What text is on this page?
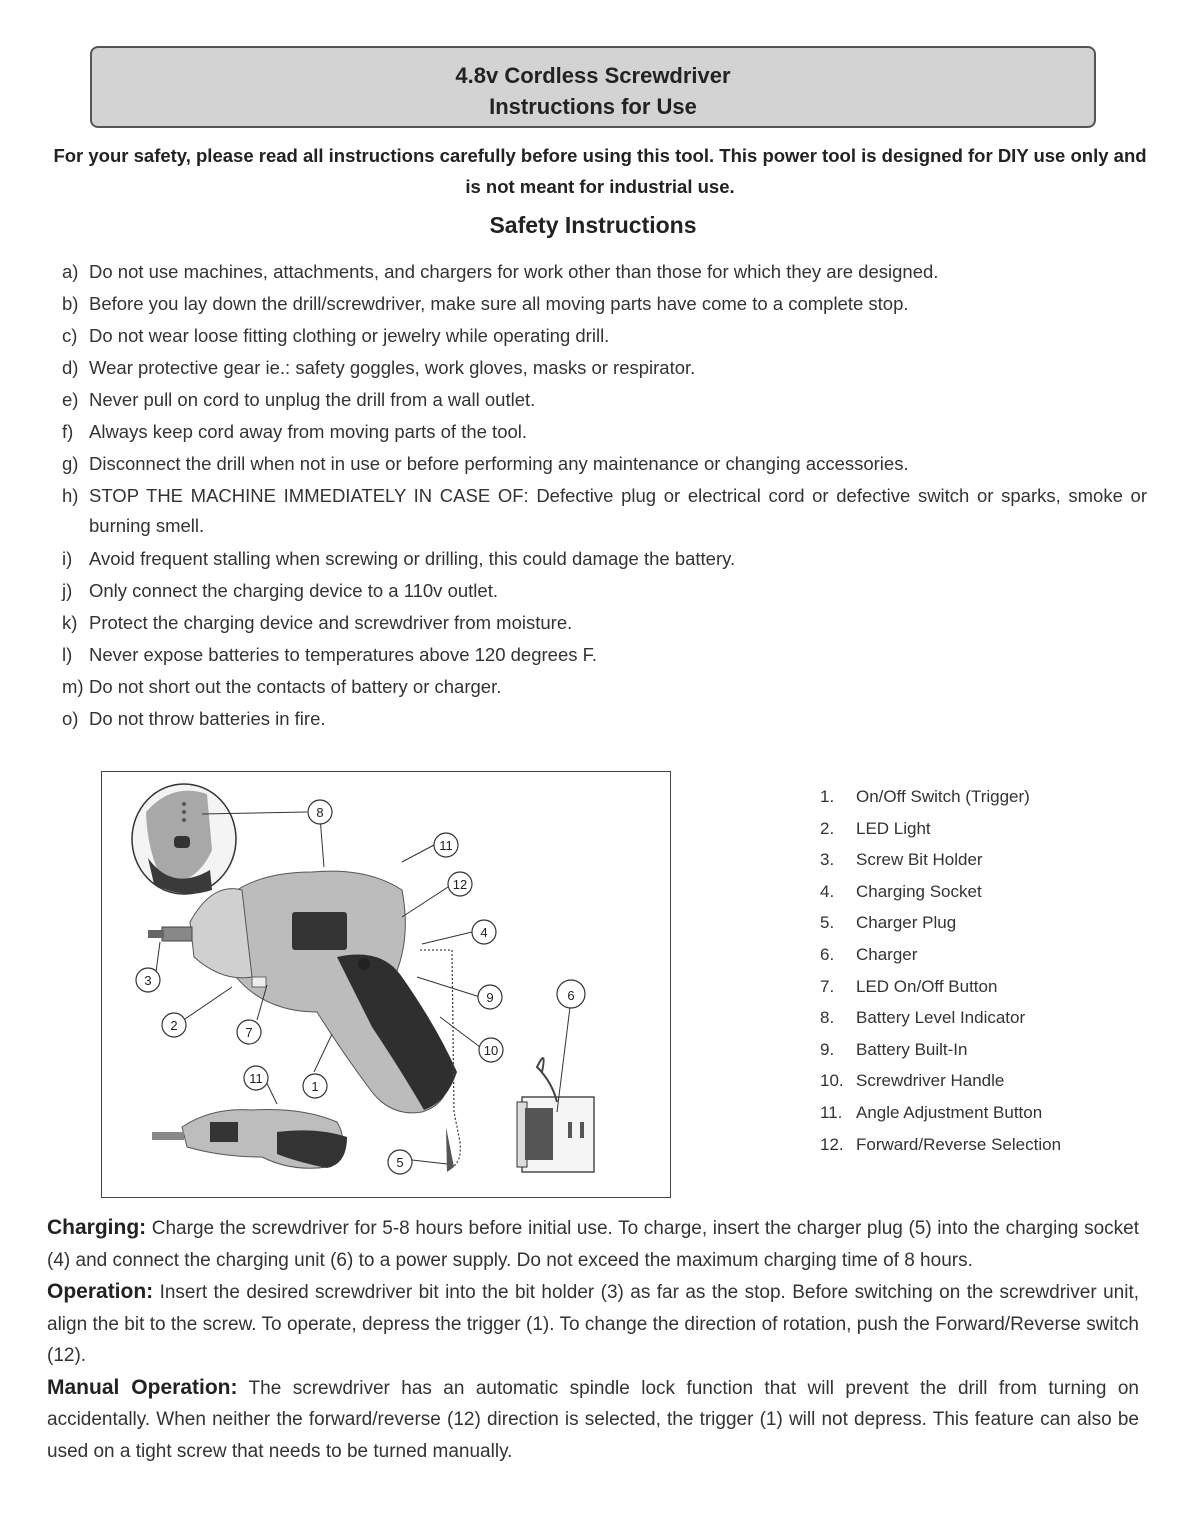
4.8v Cordless Screwdriver
Instructions for Use
For your safety, please read all instructions carefully before using this tool. This power tool is designed for DIY use only and is not meant for industrial use.
Safety Instructions
a) Do not use machines, attachments, and chargers for work other than those for which they are designed.
b) Before you lay down the drill/screwdriver, make sure all moving parts have come to a complete stop.
c) Do not wear loose fitting clothing or jewelry while operating drill.
d) Wear protective gear ie.: safety goggles, work gloves, masks or respirator.
e) Never pull on cord to unplug the drill from a wall outlet.
f) Always keep cord away from moving parts of the tool.
g) Disconnect the drill when not in use or before performing any maintenance or changing accessories.
h) STOP THE MACHINE IMMEDIATELY IN CASE OF: Defective plug or electrical cord or defective switch or sparks, smoke or burning smell.
i) Avoid frequent stalling when screwing or drilling, this could damage the battery.
j) Only connect the charging device to a 110v outlet.
k) Protect the charging device and screwdriver from moisture.
l) Never expose batteries to temperatures above 120 degrees F.
m) Do not short out the contacts of battery or charger.
o) Do not throw batteries in fire.
8
11
12
4
3
9	6
2	7
10
11
1
5
1. On/Off Switch (Trigger)
2. LED Light
3. Screw Bit Holder
4. Charging Socket
5. Charger Plug
6. Charger
7. LED On/Off Button
8. Battery Level Indicator
9. Battery Built-In
10. Screwdriver Handle
11. Angle Adjustment Button
12. Forward/Reverse Selection

Charging: Charge the screwdriver for 5-8 hours before initial use. To charge, insert the charger plug (5) into the charging socket (4) and connect the charging unit (6) to a power supply. Do not exceed the maximum charging time of 8 hours.

Operation: Insert the desired screwdriver bit into the bit holder (3) as far as the stop. Before switching on the screwdriver unit, align the bit to the screw. To operate, depress the trigger (1). To change the direction of rotation, push the Forward/Reverse switch (12).

Manual Operation: The screwdriver has an automatic spindle lock function that will prevent the drill from turning on accidentally. When neither the forward/reverse (12) direction is selected, the trigger (1) will not depress. This feature can also be used on a tight screw that needs to be turned manually.
